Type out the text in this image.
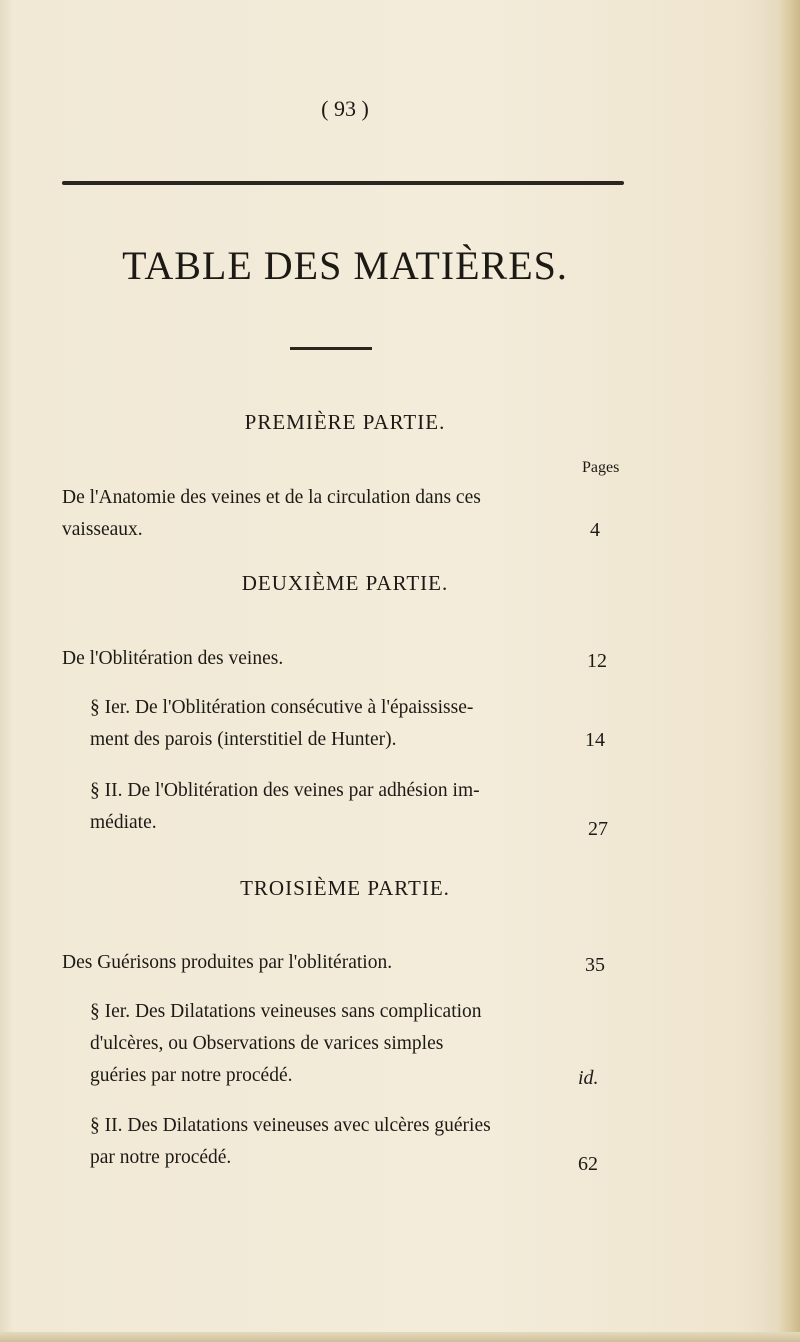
( 93 )
TABLE DES MATIÈRES.
PREMIÈRE PARTIE.
Pages
De l'Anatomie des veines et de la circulation dans ces
vaisseaux.	4
DEUXIÈME PARTIE.
De l'Oblitération des veines.	12
§ Ier. De l'Oblitération consécutive à l'épaississe-
ment des parois (interstitiel de Hunter).	14
§ II. De l'Oblitération des veines par adhésion im-
médiate.	27
TROISIÈME PARTIE.
Des Guérisons produites par l'oblitération.	35
§ Ier. Des Dilatations veineuses sans complication
d'ulcères, ou Observations de varices simples
guéries par notre procédé.	id.
§ II. Des Dilatations veineuses avec ulcères guéries
par notre procédé.	62
